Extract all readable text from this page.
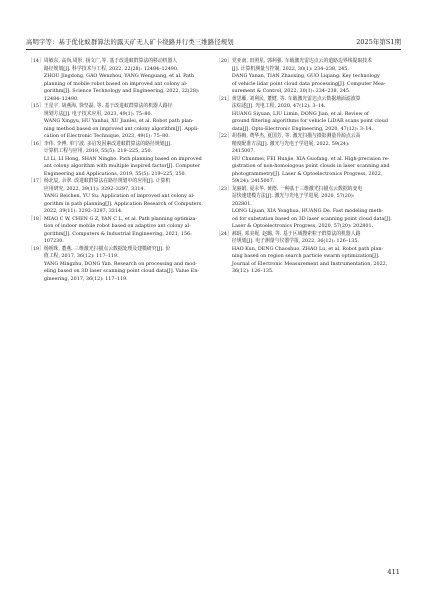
高明宇等：基于优化蚁群算法的露天矿无人矿卡绕路并行类三维路径规划	2025年第S1期
［14］ 周敏东, 高尚,周彤, 扬文广,等. 基于改进蚁群算法的移动机器人
路径规划[J]. 科学技术与工程, 2022, 22(28): 12484–12490.
ZHOU Jingdong, GAO Wenzhou, YANG Wenguang, et al. Path
planning of mobile robot based on improved ant colony al-
gorithm[J]. Science Technology and Engineering, 2022, 22(28):
12484–12490.
［15］ 王星宇, 胡燕海, 徐坚磊, 等. 基于改进蚁群算法的机器人路径
规划方法[J]. 电子技术应用, 2023, 49(1): 75–80.
WANG Xingyu, HU Yanhai, XU Jianlei, et al. Robot path plan-
ning method based on improved ant colony algorithm[J]. Appli-
cation of Electronic Technique, 2023, 49(1): 75–80.
［16］ 李伟, 李博, 单宁波. 多启发因素改进蚁群算法的路径规划[J].
计算机工程与应用, 2019, 55(5): 219–225, 250.
LI Li, LI Hong, SHAN Ningbo. Path planning based on improved
ant colony algorithm with multiple inspired factor[J]. Computer
Engineering and Applications, 2019, 55(5): 219–225, 250.
［17］ 杨北辰, 余翠. 改进蚁群算法在路径规划中的应用[J]. 计算机
应用研究, 2022, 39(11): 3292–3297, 3314.
YANG Beichen, YU Su. Application of improved ant colony al-
gorithm in path planning[J]. Application Research of Computers,
2022, 39(11): 3292–3297, 3314.
［18］ MIAO C W, CHEN G Z, YAN C L, et al. Path planning optimiza-
tion of indoor mobile robot based on adaptive ant colony al-
gorithm[J]. Computers & Industrial Engineering, 2021, 156:
107230.
［19］ 杨明珠, 董燕. 三维激光扫描点云数据处理及建模研究[J]. 价
值工程, 2017, 36(12): 117–119.
YANG Mingzhu, DONG Yan. Research on processing and mod-
eling based on 3D laser scanning point cloud data[J]. Value En-
gineering, 2017, 36(12): 117–119.
［20］ 党亚南, 田照星, 郭利强. 车载激光雷达点云的道路边界线提取技术
[J]. 计算机测量与控制, 2022, 30(1): 234–238, 245.
DANG Yanan, TIAN Zhaoxing, GUO Liqiang. Key technology
of vehicle lidar point cloud data processing[J]. Computer Mea-
surement & Control, 2022, 30(1): 234–238, 245.
［21］ 黄思雁, 刘利民, 董健, 等. 车载激光雷达点云数据地面滤波算
法综述[J]. 光电工程, 2020, 47(12): 3–14.
HUANG Siyuan, LIU Limin, DONG Jian, et al. Review of
ground filtering algorithms for vehicle LiDAR scans point cloud
data[J]. Opto-Electronic Engineering, 2020, 47(12): 3–14.
［22］ 胡春梅, 费华杰, 夏国芳, 等. 激光扫描与摄影测量异源点云高
精度配准方法[J]. 激光与光电子学进展, 2022, 59(24):
2415007.
HU Chunmei, FEI Huajie, XIA Guofang, et al. High-precision re-
gistration of non-homologous point clouds in laser scanning and
photogrammetry[J]. Laser & Optoelectronics Progress, 2022,
59(24): 2415007.
［23］ 龙丽娟, 夏永华, 黄德. 一种基于三维激光扫描点云数据的变电
站快速建模方法[J]. 激光与光电子学进展, 2020, 57(20):
202801.
LONG Lijuan, XIA Yonghua, HUANG De. Fast modeling meth-
od for substation based on 3D laser scanning point cloud data[J].
Laser & Optoelectronics Progress, 2020, 57(20): 202801.
［24］ 郝琨, 邓美妮, 赵璐, 等. 基于区域搜索粒子群算法的机器人路
径规划[J]. 电子测量与仪器学报, 2022, 36(12): 126–135.
HAO Kun, DENG Chaoshuo, ZHAO Lu, et al. Robot path plan-
ning based on region search particle swarm optimization[J].
Journal of Electronic Measurement and Instrumentation, 2022,
36(12): 126–135.
411
